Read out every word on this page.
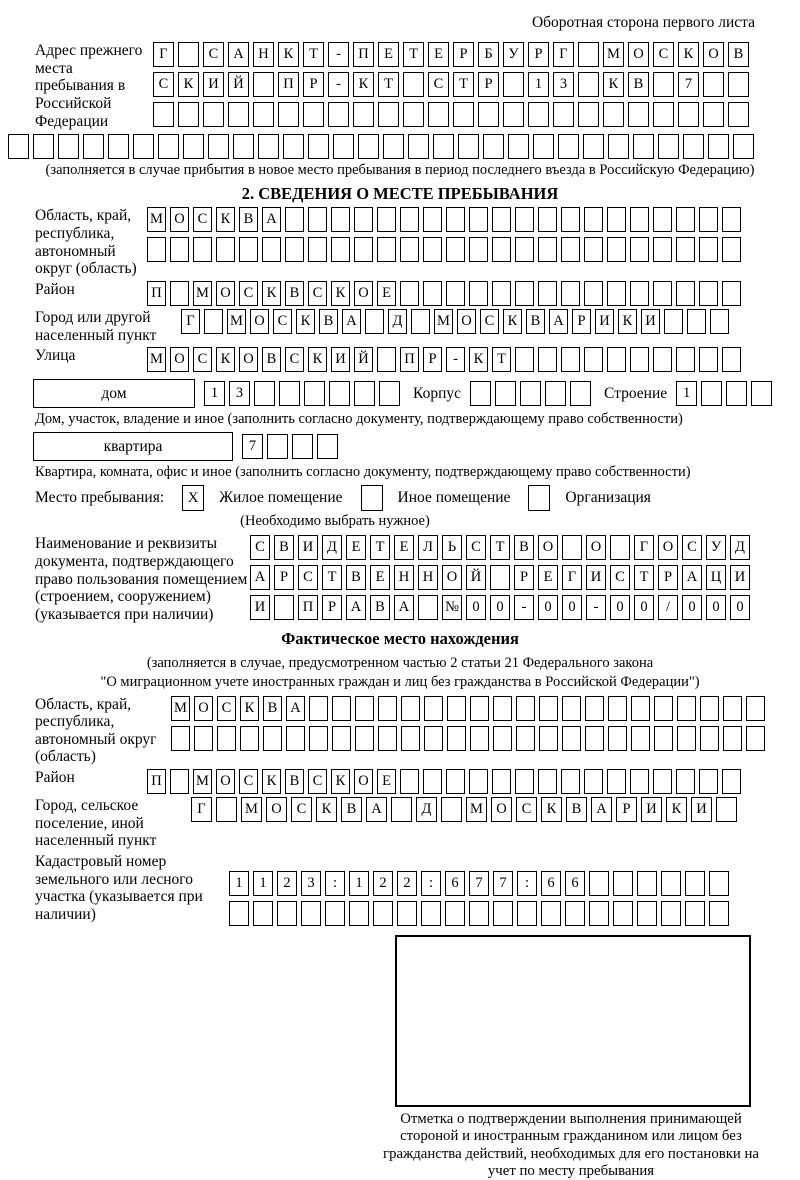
Оборотная сторона первого листа
Адрес прежнего места пребывания в Российской Федерации
Г	С	А	Н	К	Т	-	П	Е	Т	Е	Р	Б	У	Р	Г	М О	С	К	О	В
С	К	И	Й	П	Р	-	К	Т	С	Т	Р	1	3	К	В	7
(заполняется в случае прибытия в новое место пребывания в период последнего въезда в Российскую Федерацию)
2. СВЕДЕНИЯ О МЕСТЕ ПРЕБЫВАНИЯ
Область, край, республика, автономный округ (область)
М О С К В А
Район	П М О С К В С К О Е
Город или другой населенный пункт
Г	М О С К В А	Д	М О С К В А Р И К И
Улица	М О С К О В С К И Й П Р	-	К Т
дом	1	3	Корпус	Строение	1
Дом, участок, владение и иное (заполнить согласно документу, подтверждающему право собственности)
квартира	7
Квартира, комната, офис и иное (заполнить согласно документу, подтверждающему право собственности)
Место пребывания:	X	Жилое помещение	Иное помещение	Организация
(Необходимо выбрать нужное)
Наименование и реквизиты документа, подтверждающего право пользования помещением (строением, сооружением) (указывается при наличии)
С В И Д	Е	Т	Е	Л	Ь	С	Т	В О	О	Г	О С У Д
А	Р	С	Т	В	Е Н Н О Й	Р	Е	Г	И С	Т	Р	А Ц И
И	П	Р	А В А	№ 0	0	-	0	0	-	0	0	/	0	0	0
Фактическое место нахождения
(заполняется в случае, предусмотренном частью 2 статьи 21 Федерального закона
"О миграционном учете иностранных граждан и лиц без гражданства в Российской Федерации")
Область, край, республика, автономный округ (область)
М О С К В А
Район	П М О С К В С К О Е
Город, сельское поселение, иной населенный пункт
Г	М О	С	К	В	А	Д	М О	С	К	В	А	Р	И	К	И
Кадастровый номер земельного или лесного участка (указывается при наличии)
1	1	2	3	:	1	2	2	:	6	7	7	:	6	6
Отметка о подтверждении выполнения принимающей стороной и иностранным гражданином или лицом без гражданства действий, необходимых для его постановки на учет по месту пребывания
